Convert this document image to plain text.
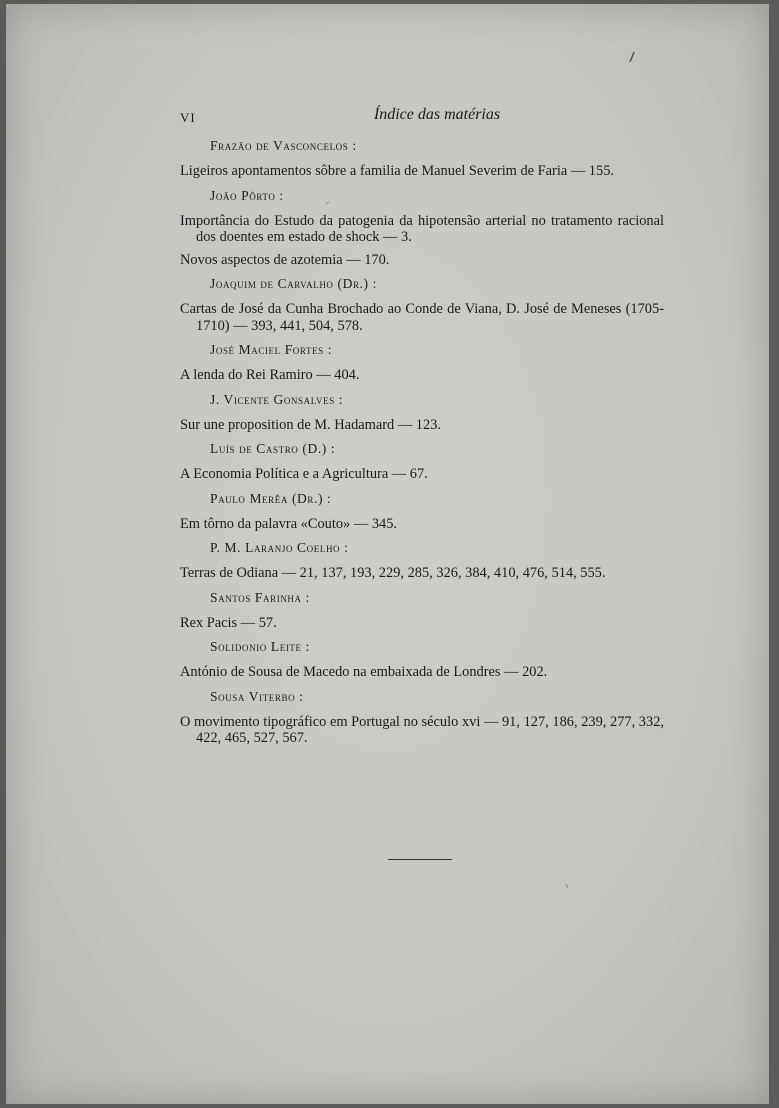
VI	Índice das matérias
Frazão de Vasconcelos :
Ligeiros apontamentos sôbre a familia de Manuel Severim de Faria — 155.
João Pôrto :
Importância do Estudo da patogenia da hipotensão arterial no tratamento racional dos doentes em estado de shock — 3.
Novos aspectos de azotemia — 170.
Joaquim de Carvalho (Dr.) :
Cartas de José da Cunha Brochado ao Conde de Viana, D. José de Meneses (1705-1710) — 393, 441, 504, 578.
José Maciel Fortes :
A lenda do Rei Ramiro — 404.
J. Vicente Gonsalves :
Sur une proposition de M. Hadamard — 123.
Luís de Castro (D.) :
A Economia Política e a Agricultura — 67.
Paulo Merêa (Dr.) :
Em tôrno da palavra «Couto» — 345.
P. M. Laranjo Coelho :
Terras de Odiana — 21, 137, 193, 229, 285, 326, 384, 410, 476, 514, 555.
Santos Farinha :
Rex Pacis — 57.
Solidonio Leite :
António de Sousa de Macedo na embaixada de Londres — 202.
Sousa Viterbo :
O movimento tipográfico em Portugal no século xvi — 91, 127, 186, 239, 277, 332, 422, 465, 527, 567.
